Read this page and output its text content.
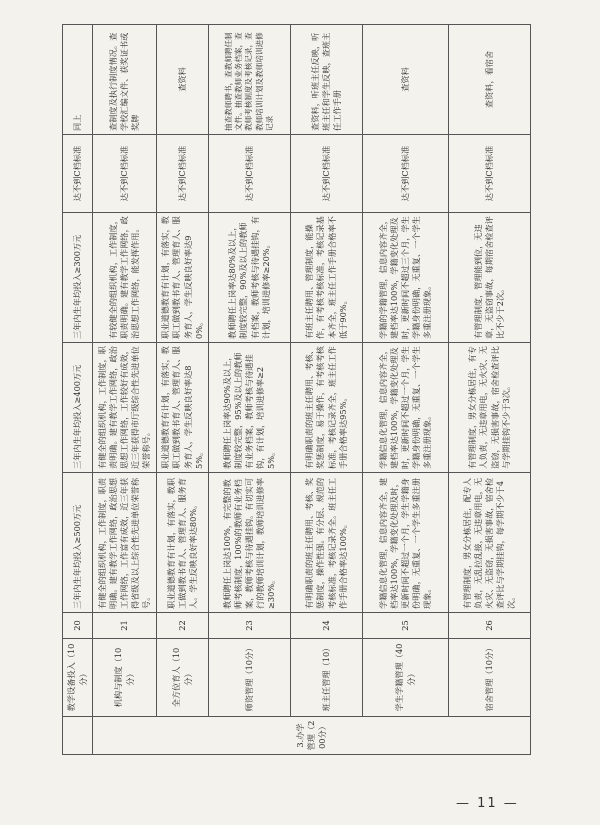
	教学设备投入（10分）	20	三年内生年均投入≥500万元	三年内生年均投入≥400万元	三年内生年均投入≥300万元	达不到C档标准	同上
3.办学管理（200分）	机构与制度（10分）	21	有健全的组织机构，工作制度，职责明确。建有教学工作网络，政治思想工作网络，工作富有成效，近三年获得省级及以上综合性先进单位荣誉称号。	有健全的组织机构，工作制度，职责明确。建有教学工作网络，政治思想工作网络，工作较好有成效，近三年获得市厅级综合性先进单位荣誉称号。	有较健全的组织机构，工作制度，职责明确。建有教学工作网络，政治思想工作网络，能发挥作用。	达不到C档标准	查制度及执行制度情况。查学校汇编文件、获奖证书或奖牌
	全方位育人（10分）	22	职业道德教育有计划，有落实，教职工做到教书育人、管理育人、服务育人。学生反映良好率达80%。	职业道德教育有计划，有落实，教职工做到教书育人、管理育人、服务育人，学生反映良好率达85%。	职业道德教育有计划，有落实，教职工做到教书育人、管理育人、服务育人，学生反映良好率达90%。	达不到C档标准	查资料
	师资管理（10分）	23	教师聘任上岗达100%，有完整的教师考核制度，100%的教师有业务档案，教师考核与待遇挂钩。有切实可行的教师培训计划，教师培训进修率≥30%。	教师聘任上岗率达90%及以上，制度较完整，95%及以上的教师有业务档案，教师考核与待遇挂钩，有计划，培训进修率≥25%。	教师聘任上岗率达80%及以上，制度较完整，90%及以上的教师有档案，教师考核与待遇挂钩，有计划，培训进修率≥20%。	达不到C档标准	抽查教师聘书，查教师聘任制文件。抽查教师业务档案，查教师考核制度及考核记录，查教师培训计划及教师培训进修记录
	班主任管理（10）	24	有明确职责的班主任聘用、考核、奖惩制度，操作性强。有分层、规范的考核标准，考核记录齐全。班主任工作手册合格率达100%。	有明确职责的班主任聘用、考核、奖惩制度，易于操作，有考核考核标准，考核记录齐全，班主任工作手册合格率达95%。	有班主任聘用、管理制度，能操作，有考核考核标准，考核记录基本齐全，班主任工作手册合格率不低于90%。	达不到C档标准	查资料，听班主任反映，听班主任和学生反映，查班主任工作手册
	学生学籍管理（40分）	25	学籍信息化管理，信息内容齐全，建档率达100%，学籍变化处理及时，更新时间不超过一个月，学生学籍身份明确，无重复、一个学生多重注册现象。	学籍信息化管理，信息内容齐全，建档率达100%，学籍变化处理及时，更新时间不超过一个月，学生学籍身份明确，无重复、一个学生多重注册现象。	学籍的学籍管理，信息内容齐全，建档率达100%，学籍变化处理及时，更新时间不超过三个月，学生学籍身份明确，无重复、一个学生多重注册现象。	达不到C档标准	查资料
	宿舍管理（10分）	26	有管理制度，男女分栋居住，配专人负责，无乱拉乱接，无违章用电，无火灾、无盗窃，无损害事故，宿舍检查评比与学期挂钩，每学期不少于4次。	有管理制度，男女分栋居住，有专人负责，无违章用电，无火灾、无盗窃，无损害事故，宿舍检查评比与学期挂钩不少于3次。	有管理制度，管理能到位，无违章，无盗窃事故，每期宿舍检查评比不少于2次。	达不到C档标准	查资料，看宿舍
— 11 —
